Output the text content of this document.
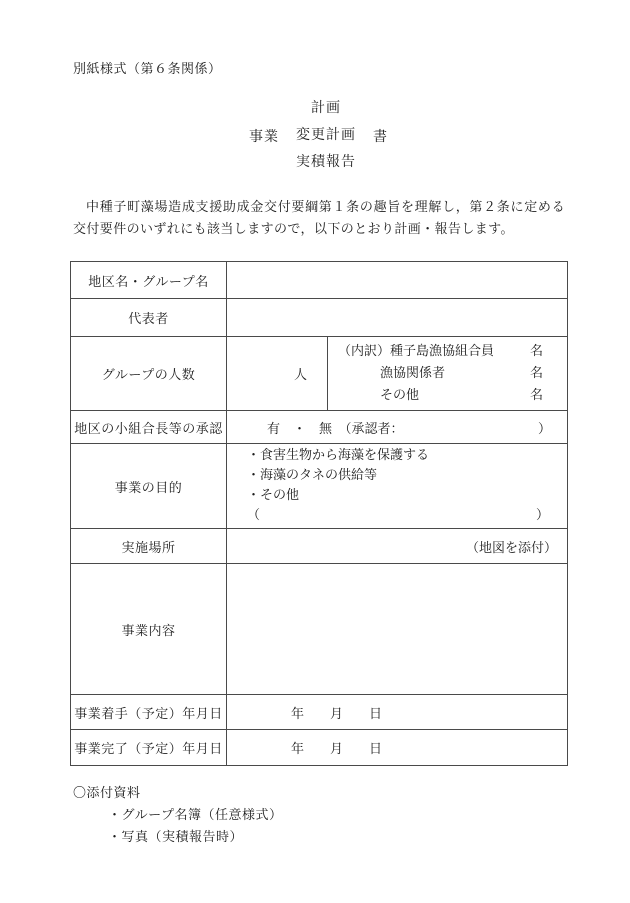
別紙様式（第６条関係）
事業
計画
変更計画
実積報告
書

中種子町藻場造成支援助成金交付要綱第１条の趣旨を理解し，第２条に定める交付要件のいずれにも該当しますので，以下のとおり計画・報告します。

地区名・グループ名		
代表者		
グループの人数	人	
（内訳）種子島漁協組合員	名
漁協関係者	名
その他	名

地区の小組合長等の承認	有　・　無　（承認者： ）	

事業の目的	・食害生物から海藻を保護する
・海藻のタネの供給等
・その他
（ ）	

実施場所	（地図を添付）	

事業内容		
事業着手（予定）年月日	年　　月　　日	

事業完了（予定）年月日	年　　月　　日	
〇添付資料
・グループ名簿（任意様式）
・写真（実積報告時）
